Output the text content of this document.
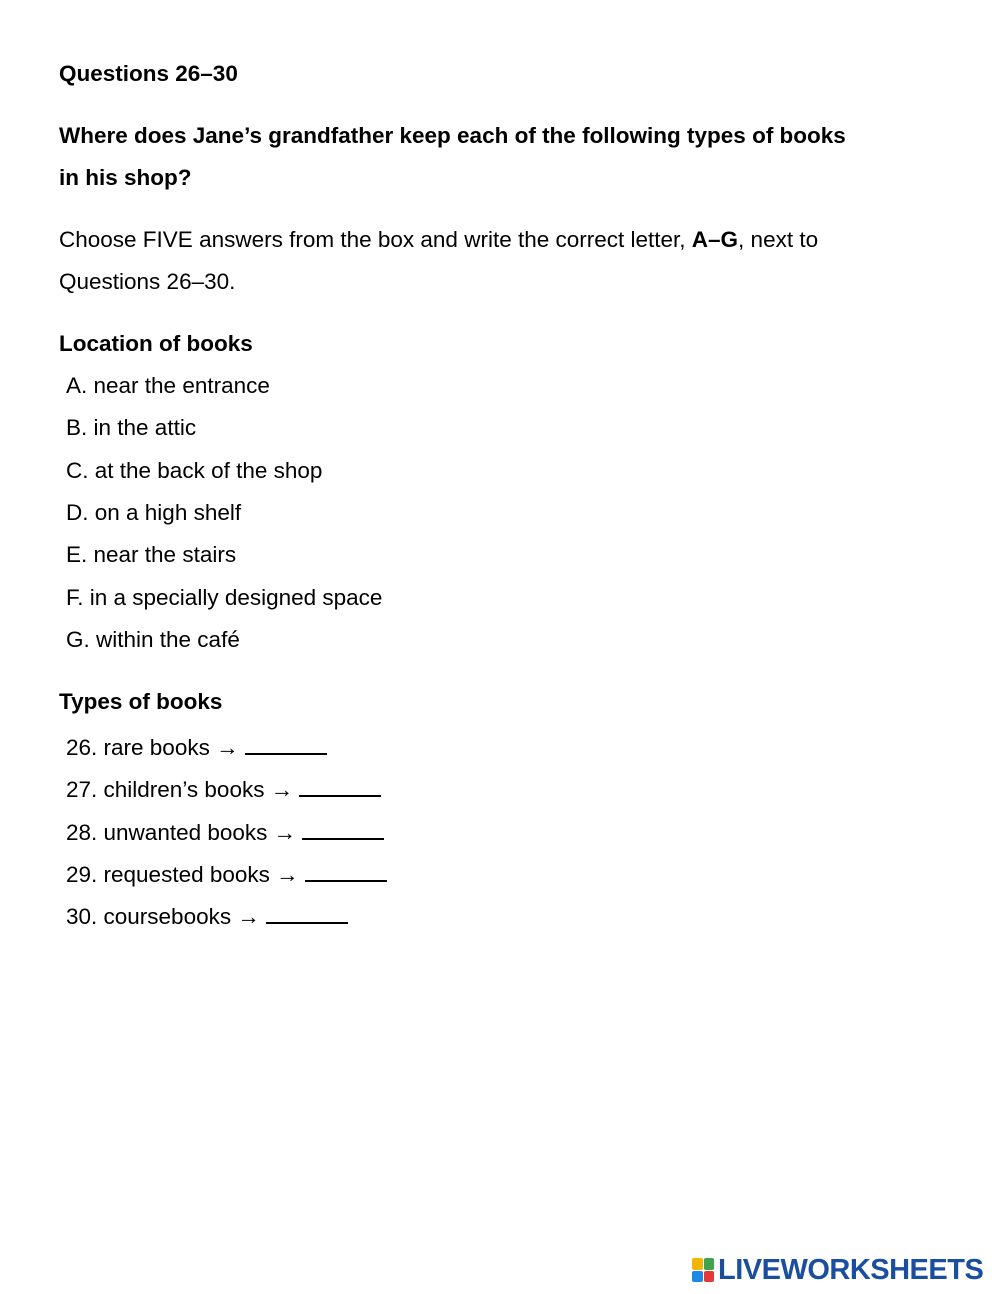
Questions 26–30
Where does Jane’s grandfather keep each of the following types of books
in his shop?
Choose FIVE answers from the box and write the correct letter, A–G, next to
Questions 26–30.
Location of books
A. near the entrance
B. in the attic
C. at the back of the shop
D. on a high shelf
E. near the stairs
F. in a specially designed space
G. within the café
Types of books
26. rare books →
27. children’s books →
28. unwanted books →
29. requested books →
30. coursebooks →
LIVEWORKSHEETS
